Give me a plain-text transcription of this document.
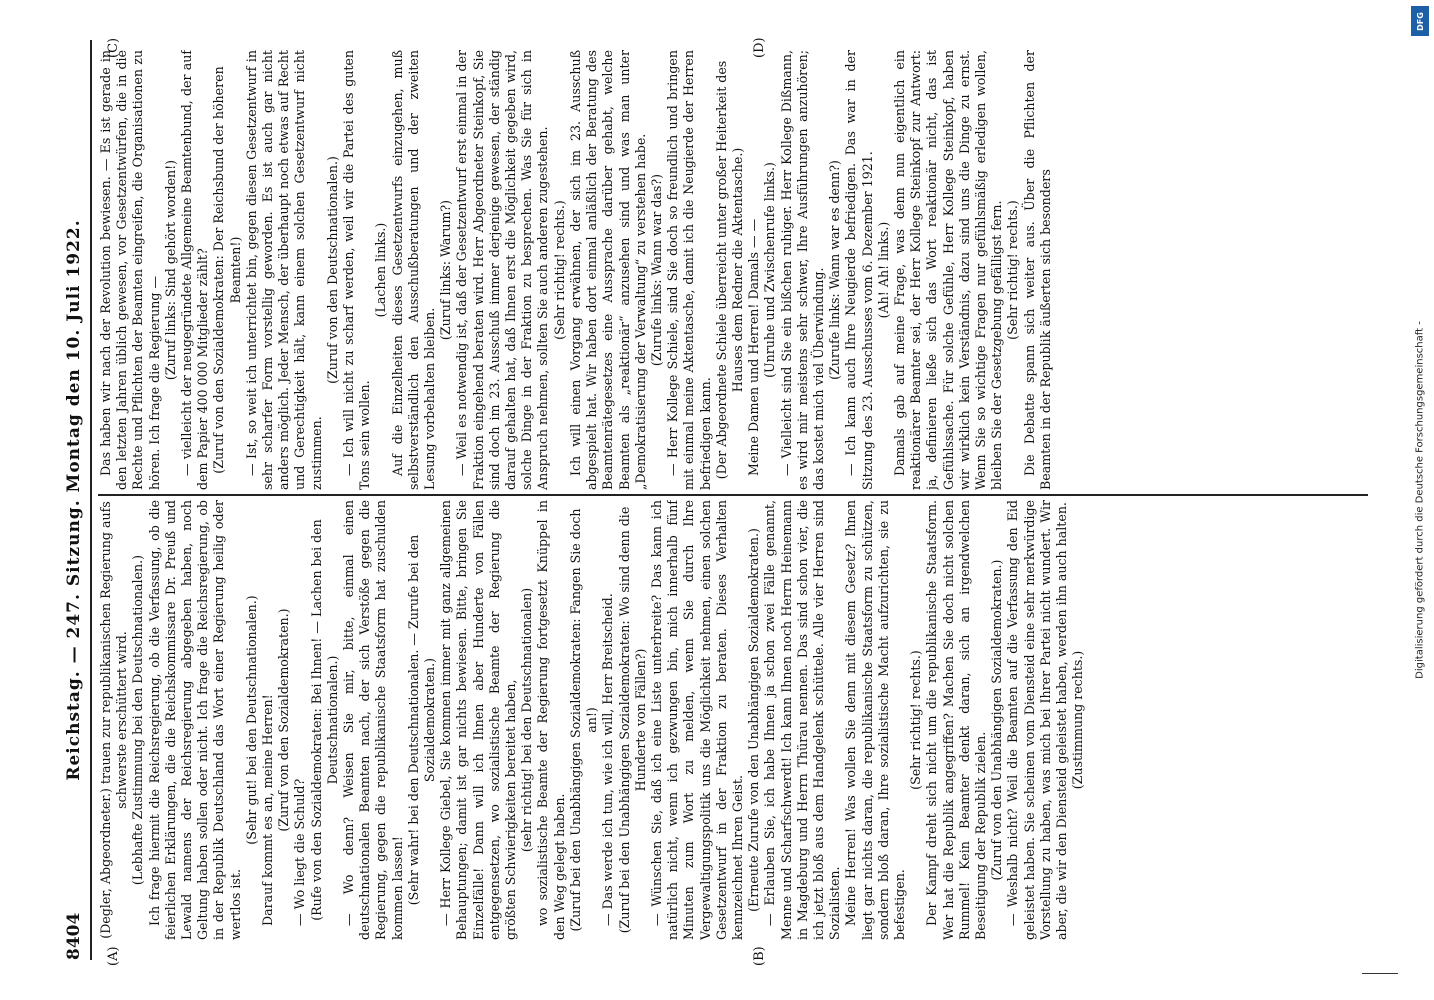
8404
Reichstag. — 247. Sitzung. Montag den 10. Juli 1922.
(A)	(B)
(C)	(D)

(Degler, Abgeordneter.) trauen zur republikanischen Regierung aufs schwerste erschüttert wird. (Lebhafte Zustimmung bei den Deutschnationalen.) Ich frage hiermit die Reichsregierung, ob die Verfassung, ob die feierlichen Erklärungen, die die Reichskommissare Dr. Preuß und Lewald namens der Reichsregierung abgegeben haben, noch Geltung haben sollen oder nicht. Ich frage die Reichsregierung, ob in der Republik Deutschland das Wort einer Regierung heilig oder wertlos ist.

(Sehr gut! bei den Deutschnationalen.) Darauf kommt es an, meine Herren! (Zuruf von den Sozialdemokraten.)

— Wo liegt die Schuld? (Rufe von den Sozialdemokraten: Bei Ihnen! — Lachen bei den Deutschnationalen.) — Wo denn? Weisen Sie mir, bitte, einmal einen deutschnationalen Beamten nach, der sich Verstöße gegen die Regierung, gegen die republikanische Staatsform hat zuschulden kommen lassen! (Sehr wahr! bei den Deutschnationalen. — Zurufe bei den Sozialdemokraten.) — Herr Kollege Giebel, Sie kommen immer mit ganz allgemeinen Behauptungen; damit ist gar nichts bewiesen. Bitte, bringen Sie Einzelfälle! Dann will ich Ihnen aber Hunderte von Fällen entgegensetzen, wo sozialistische Beamte der Regierung die größten Schwierigkeiten bereitet haben, (sehr richtig! bei den Deutschnationalen) wo sozialistische Beamte der Regierung fortgesetzt Knüppel in den Weg gelegt haben. (Zuruf bei den Unabhängigen Sozialdemokraten: Fangen Sie doch an!) — Das werde ich tun, wie ich will, Herr Breitscheid. (Zuruf bei den Unabhängigen Sozialdemokraten: Wo sind denn die Hunderte von Fällen?) — Wünschen Sie, daß ich eine Liste unterbreite? Das kann ich natürlich nicht, wenn ich gezwungen bin, mich innerhalb fünf Minuten zum Wort zu melden, wenn Sie durch Ihre Vergewaltigungspolitik uns die Möglichkeit nehmen, einen solchen Gesetzentwurf in der Fraktion zu beraten. Dieses Verhalten kennzeichnet Ihren Geist. (Erneute Zurufe von den Unabhängigen Sozialdemokraten.) — Erlauben Sie, ich habe Ihnen ja schon zwei Fälle genannt, Menne und Scharfschwerdt! Ich kann Ihnen noch Herrn Heinemann in Magdeburg und Herrn Thürau nennen. Das sind schon vier, die ich jetzt bloß aus dem Handgelenk schüttele. Alle vier Herren sind Sozialisten. Meine Herren! Was wollen Sie denn mit diesem Gesetz? Ihnen liegt gar nichts daran, die republikanische Staatsform zu schützen, sondern bloß daran, Ihre sozialistische Macht aufzurichten, sie zu befestigen.

(Sehr richtig! rechts.) Der Kampf dreht sich nicht um die republikanische Staatsform. Wer hat die Republik angegriffen? Machen Sie doch nicht solchen Rummel! Kein Beamter denkt daran, sich an irgendwelchen Beseitigung der Republik zielen. (Zuruf von den Unabhängigen Sozialdemokraten.) — Weshalb nicht? Weil die Beamten auf die Verfassung den Eid geleistet haben. Sie scheinen vom Diensteid eine sehr merkwürdige Vorstellung zu haben, was mich bei Ihrer Partei nicht wundert. Wir aber, die wir den Diensteid geleistet haben, werden ihn auch halten. (Zustimmung rechts.)

Das haben wir nach der Revolution bewiesen. — Es ist gerade in den letzten Jahren üblich gewesen, vor Gesetzentwürfen, die in die Rechte und Pflichten der Beamten eingreifen, die Organisationen zu hören. Ich frage die Regierung —

(Zuruf links: Sind gehört worden!) — vielleicht der neugegründete Allgemeine Beamtenbund, der auf dem Papier 400 000 Mitglieder zählt? (Zuruf von den Sozialdemokraten: Der Reichsbund der höheren Beamten!) — Ist, so weit ich unterrichtet bin, gegen diesen Gesetzentwurf in sehr scharfer Form vorstellig geworden. Es ist auch gar nicht anders möglich. Jeder Mensch, der überhaupt noch etwas auf Recht und Gerechtigkeit hält, kann einem solchen Gesetzentwurf nicht zustimmen.

(Zuruf von den Deutschnationalen.) — Ich will nicht zu scharf werden, weil wir die Partei des guten Tons sein wollen.

(Lachen links.) Auf die Einzelheiten dieses Gesetzentwurfs einzugehen, muß selbstverständlich den Ausschußberatungen und der zweiten Lesung vorbehalten bleiben.

(Zuruf links: Warum?) — Weil es notwendig ist, daß der Gesetzentwurf erst einmal in der Fraktion eingehend beraten wird. Herr Abgeordneter Steinkopf, Sie sind doch im 23. Ausschuß immer derjenige gewesen, der ständig darauf gehalten hat, daß Ihnen erst die Möglichkeit gegeben wird, solche Dinge in der Fraktion zu besprechen. Was Sie für sich in Anspruch nehmen, sollten Sie auch anderen zugestehen. (Sehr richtig! rechts.) Ich will einen Vorgang erwähnen, der sich im 23. Ausschuß abgespielt hat. Wir haben dort einmal anläßlich der Beratung des Beamtenrätegesetzes eine Aussprache darüber gehabt, welche Beamten als „reaktionär“ anzusehen sind und was man unter „Demokratisierung der Verwaltung“ zu verstehen habe. (Zurufe links: Wann war das?) — Herr Kollege Schiele, sind Sie doch so freundlich und bringen mit einmal meine Aktentasche, damit ich die Neugierde der Herren befriedigen kann. (Der Abgeordnete Schiele überreicht unter großer Heiterkeit des Hauses dem Redner die Aktentasche.) Meine Damen und Herren! Damals — — (Unruhe und Zwischenrufe links.) — Vielleicht sind Sie ein bißchen ruhiger. Herr Kollege Dißmann, es wird mir meistens sehr schwer, Ihre Ausführungen anzuhören; das kostet mich viel Überwindung. (Zurufe links: Wann war es denn?) — Ich kann auch Ihre Neugierde befriedigen. Das war in der Sitzung des 23. Ausschusses vom 6. Dezember 1921. (Ah! Ah! links.) Damals gab auf meine Frage, was denn nun eigentlich ein reaktionärer Beamter sei, der Herr Kollege Steinkopf zur Antwort: ja, definieren ließe sich das Wort reaktionär nicht, das ist Gefühlssache. Für solche Gefühle, Herr Kollege Steinkopf, haben wir wirklich kein Verständnis, dazu sind uns die Dinge zu ernst. Wenn Sie so wichtige Fragen nur gefühlsmäßig erledigen wollen, bleiben Sie der Gesetzgebung gefälligst fern. (Sehr richtig! rechts.) Die Debatte spann sich weiter aus. Über die Pflichten der Beamten in der Republik äußerten sich besonders

DFG
Digitalisierung gefördert durch die Deutsche Forschungsgemeinschaft -
